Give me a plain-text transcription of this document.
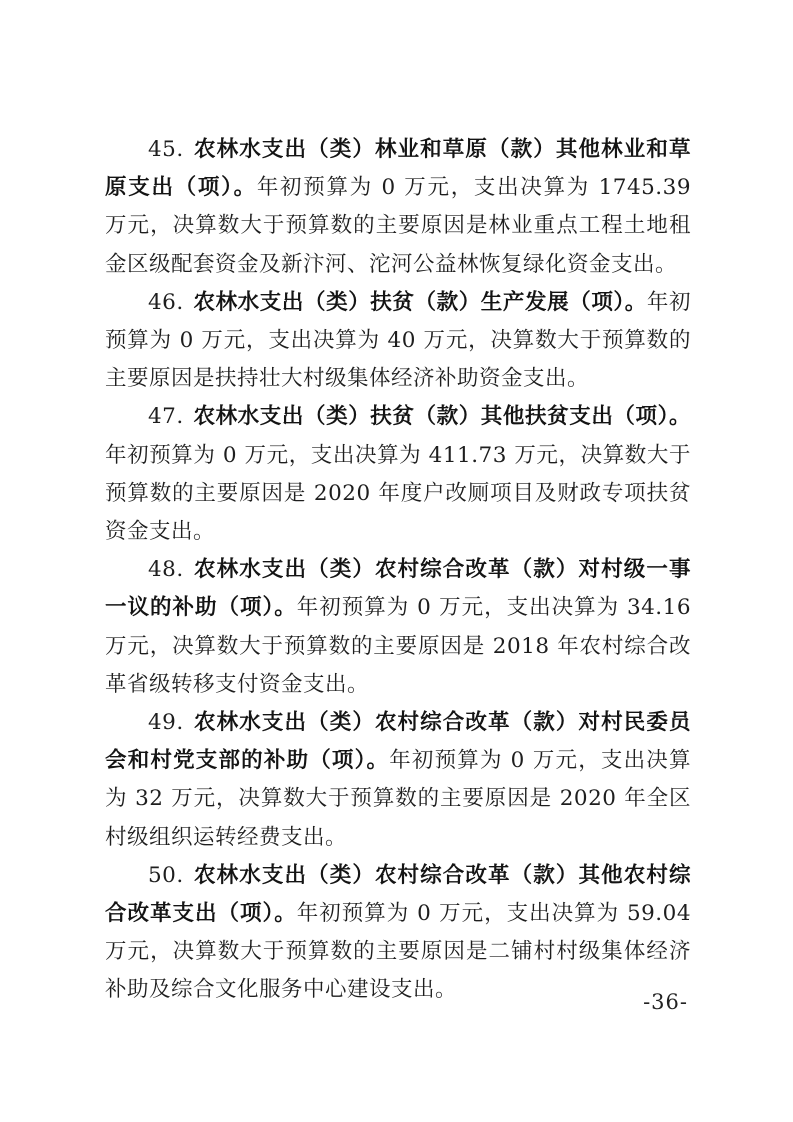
45. 农林水支出（类）林业和草原（款）其他林业和草原支出（项）。年初预算为 0 万元，支出决算为 1745.39 万元，决算数大于预算数的主要原因是林业重点工程土地租金区级配套资金及新汴河、沱河公益林恢复绿化资金支出。

46. 农林水支出（类）扶贫（款）生产发展（项）。年初预算为 0 万元，支出决算为 40 万元，决算数大于预算数的主要原因是扶持壮大村级集体经济补助资金支出。

47. 农林水支出（类）扶贫（款）其他扶贫支出（项）。年初预算为 0 万元，支出决算为 411.73 万元，决算数大于预算数的主要原因是 2020 年度户改厕项目及财政专项扶贫资金支出。

48. 农林水支出（类）农村综合改革（款）对村级一事一议的补助（项）。年初预算为 0 万元，支出决算为 34.16 万元，决算数大于预算数的主要原因是 2018 年农村综合改革省级转移支付资金支出。

49. 农林水支出（类）农村综合改革（款）对村民委员会和村党支部的补助（项）。年初预算为 0 万元，支出决算为 32 万元，决算数大于预算数的主要原因是 2020 年全区村级组织运转经费支出。

50. 农林水支出（类）农村综合改革（款）其他农村综合改革支出（项）。年初预算为 0 万元，支出决算为 59.04 万元，决算数大于预算数的主要原因是二铺村村级集体经济补助及综合文化服务中心建设支出。	-36-
